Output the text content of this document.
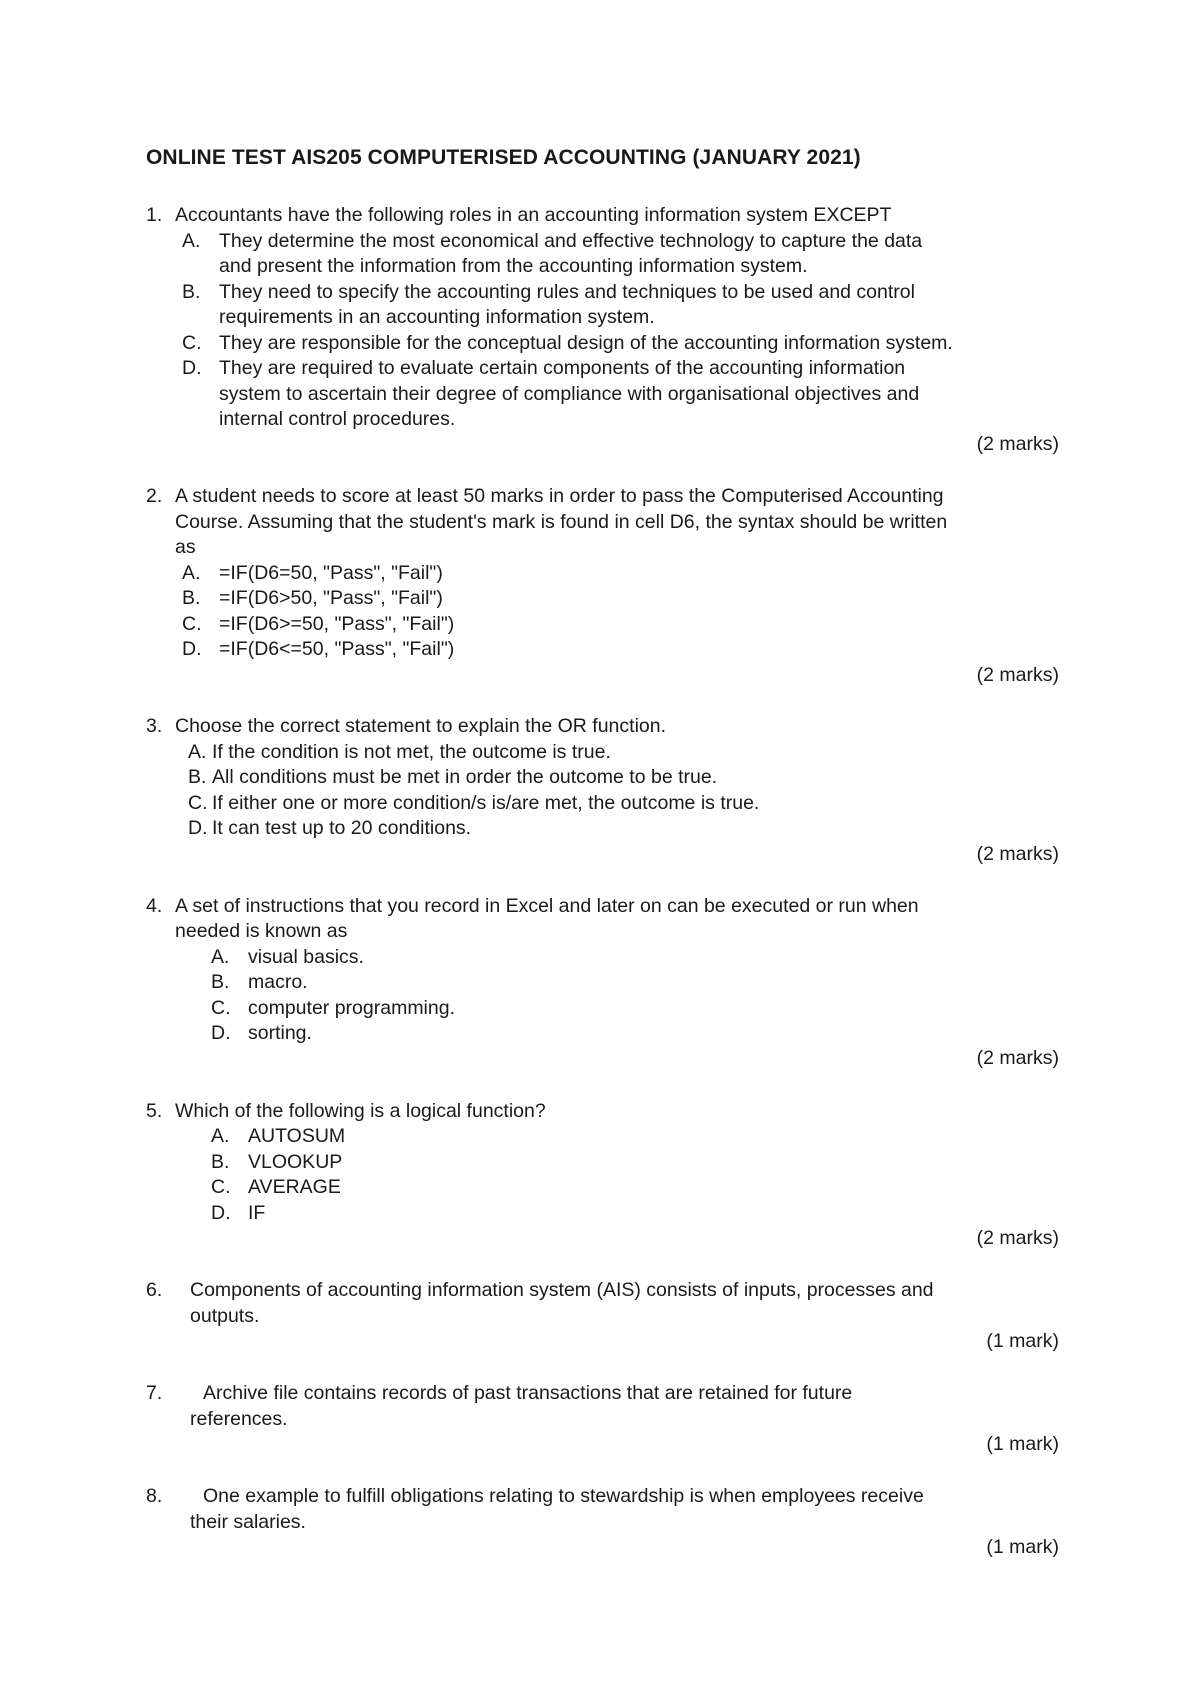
ONLINE TEST AIS205 COMPUTERISED ACCOUNTING (JANUARY 2021)
1. Accountants have the following roles in an accounting information system EXCEPT
A. They determine the most economical and effective technology to capture the data
and present the information from the accounting information system.
B. They need to specify the accounting rules and techniques to be used and control
requirements in an accounting information system.
C. They are responsible for the conceptual design of the accounting information system.
D. They are required to evaluate certain components of the accounting information
system to ascertain their degree of compliance with organisational objectives and
internal control procedures.
(2 marks)
2. A student needs to score at least 50 marks in order to pass the Computerised Accounting
Course. Assuming that the student's mark is found in cell D6, the syntax should be written
as
A. =IF(D6=50, "Pass", "Fail")
B. =IF(D6>50, "Pass", "Fail")
C. =IF(D6>=50, "Pass", "Fail")
D. =IF(D6<=50, "Pass", "Fail")
(2 marks)
3. Choose the correct statement to explain the OR function.
A. If the condition is not met, the outcome is true.
B. All conditions must be met in order the outcome to be true.
C. If either one or more condition/s is/are met, the outcome is true.
D. It can test up to 20 conditions.
(2 marks)
4. A set of instructions that you record in Excel and later on can be executed or run when
needed is known as
A. visual basics.
B. macro.
C. computer programming.
D. sorting.
(2 marks)
5. Which of the following is a logical function?
A. AUTOSUM
B. VLOOKUP
C. AVERAGE
D. IF
(2 marks)
6. Components of accounting information system (AIS) consists of inputs, processes and
outputs.
(1 mark)
7. Archive file contains records of past transactions that are retained for future
references.
(1 mark)
8. One example to fulfill obligations relating to stewardship is when employees receive
their salaries.
(1 mark)
